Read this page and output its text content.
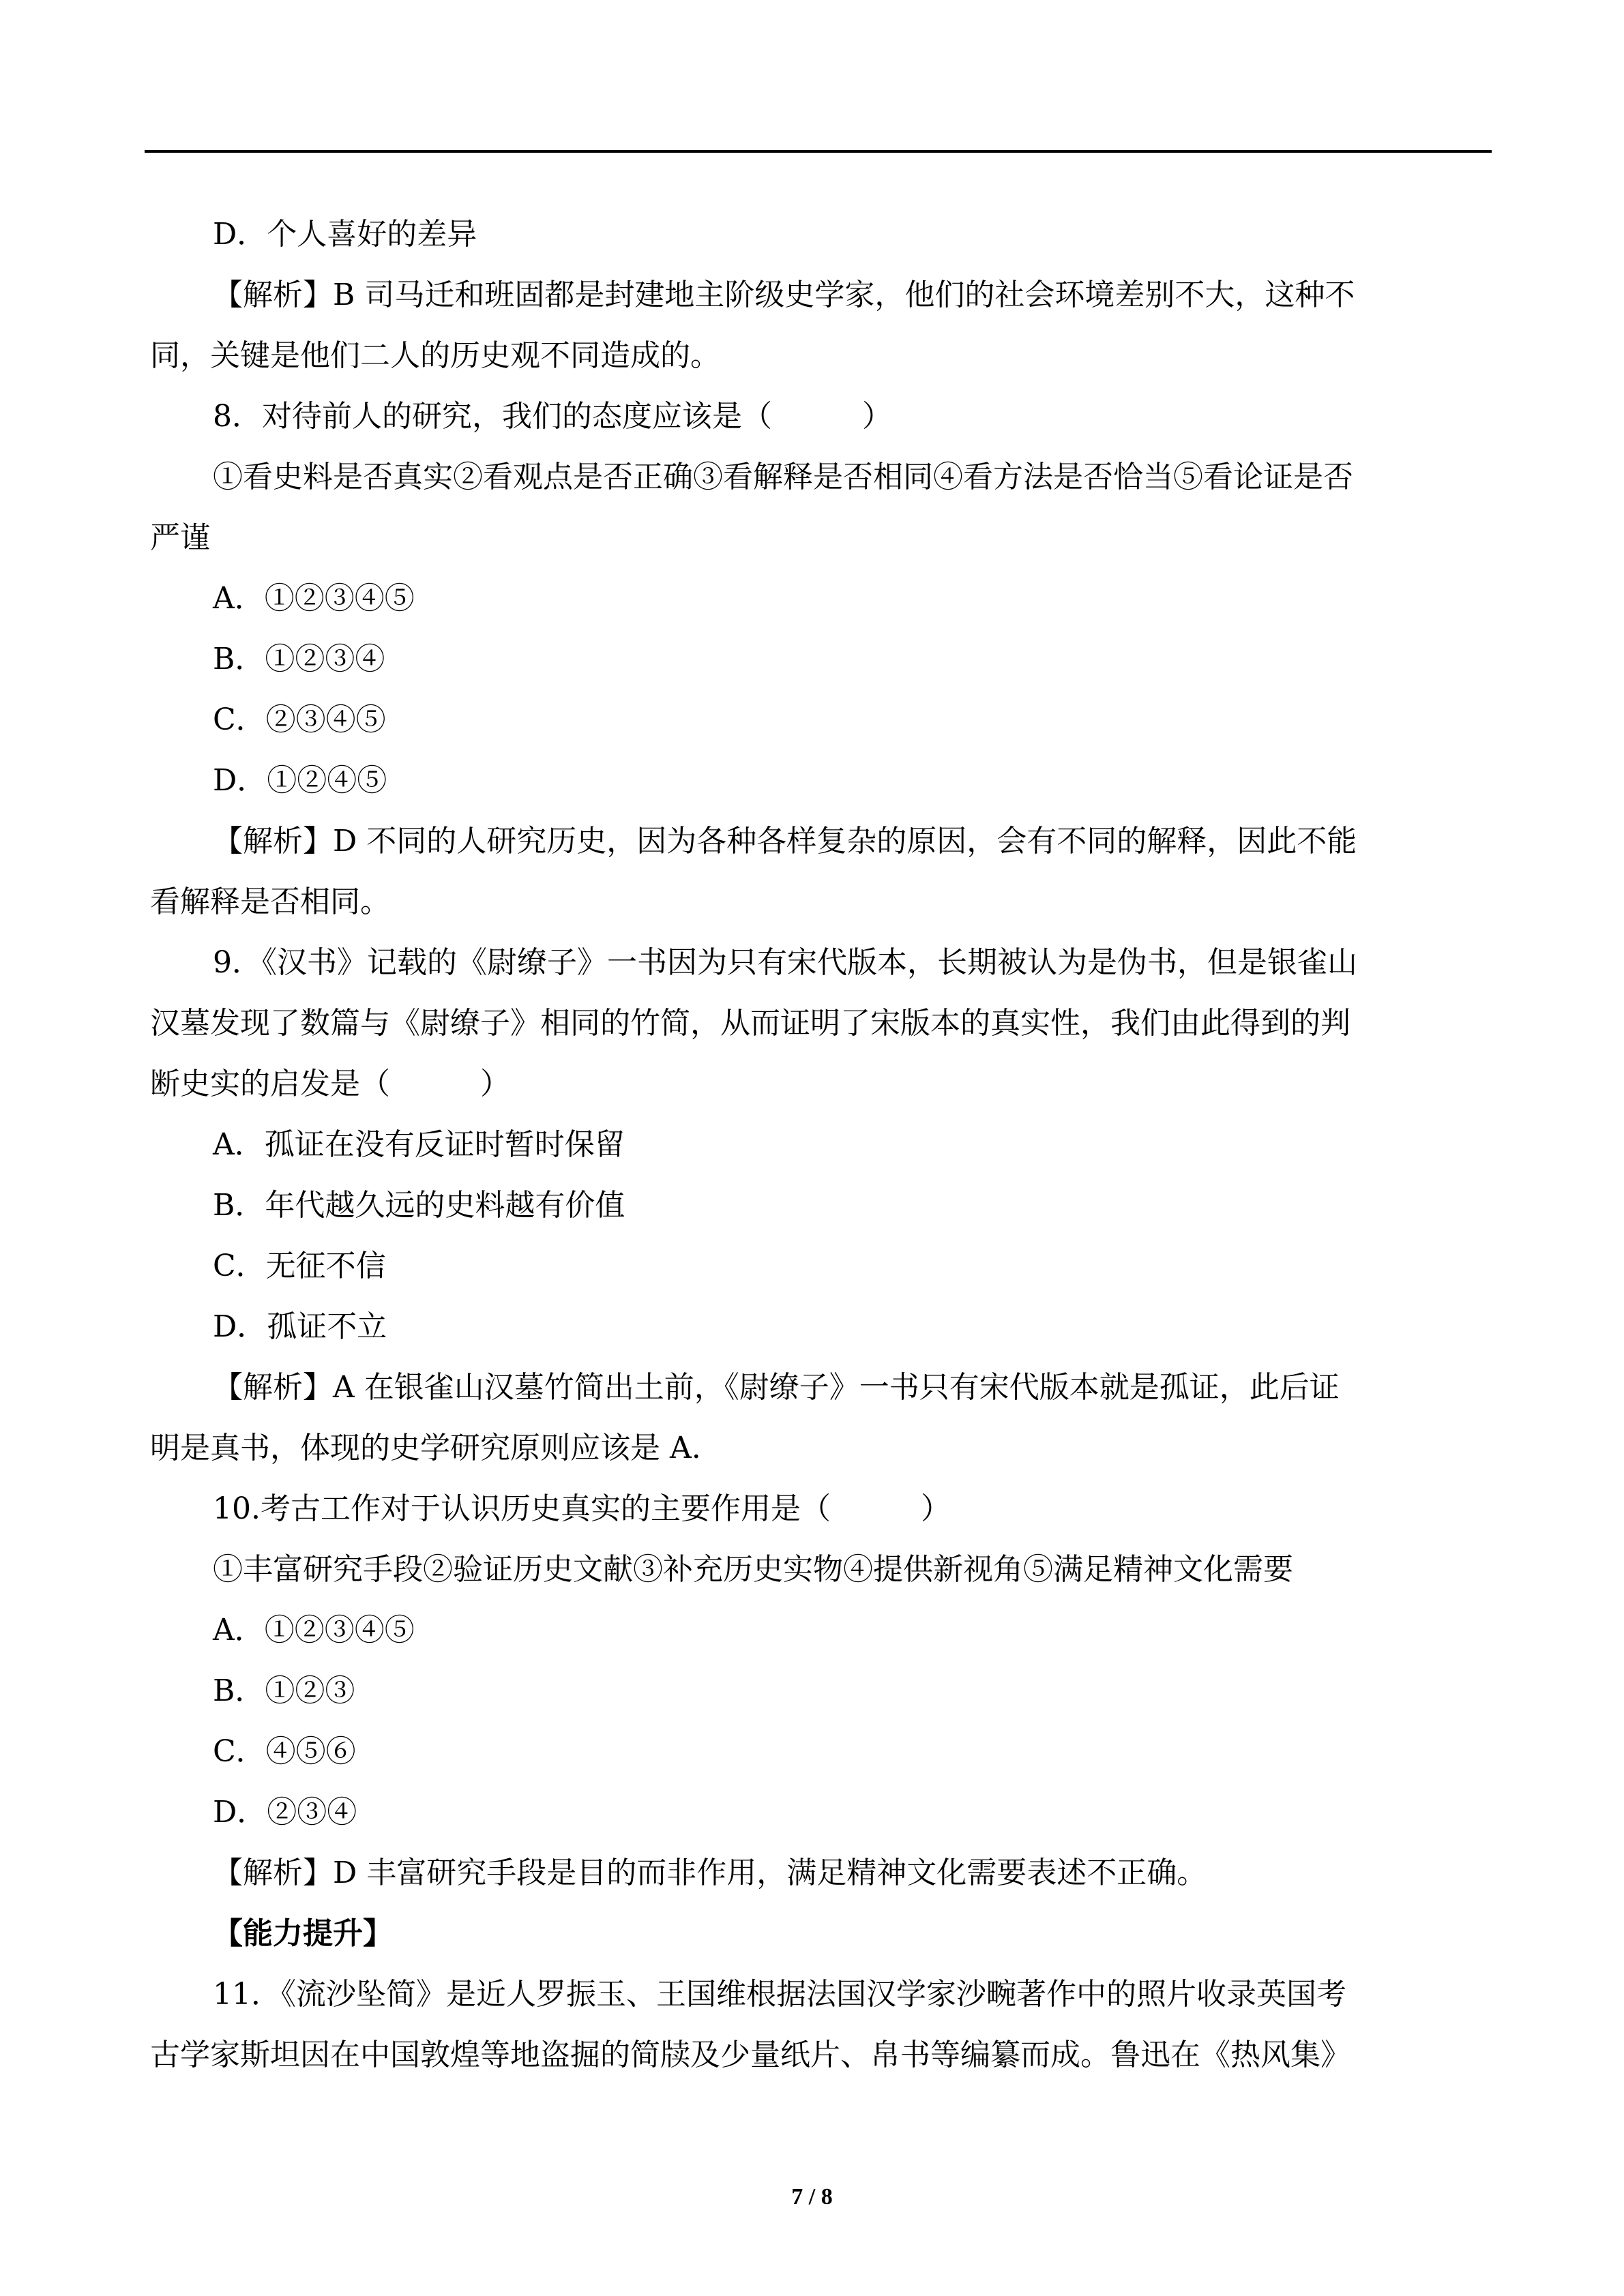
D．个人喜好的差异
【解析】B 司马迁和班固都是封建地主阶级史学家，他们的社会环境差别不大，这种不
同，关键是他们二人的历史观不同造成的。
8．对待前人的研究，我们的态度应该是（　　　）
①看史料是否真实②看观点是否正确③看解释是否相同④看方法是否恰当⑤看论证是否
严谨
A．①②③④⑤
B．①②③④
C．②③④⑤
D．①②④⑤
【解析】D 不同的人研究历史，因为各种各样复杂的原因，会有不同的解释，因此不能
看解释是否相同。
9．《汉书》记载的《尉缭子》一书因为只有宋代版本，长期被认为是伪书，但是银雀山
汉墓发现了数篇与《尉缭子》相同的竹简，从而证明了宋版本的真实性，我们由此得到的判
断史实的启发是（　　　）
A．孤证在没有反证时暂时保留
B．年代越久远的史料越有价值
C．无征不信
D．孤证不立
【解析】A 在银雀山汉墓竹简出土前，《尉缭子》一书只有宋代版本就是孤证，此后证
明是真书，体现的史学研究原则应该是 A.
10.考古工作对于认识历史真实的主要作用是（　　　）
①丰富研究手段②验证历史文献③补充历史实物④提供新视角⑤满足精神文化需要
A．①②③④⑤
B．①②③
C．④⑤⑥
D．②③④
【解析】D 丰富研究手段是目的而非作用，满足精神文化需要表述不正确。
【能力提升】
11．《流沙坠简》是近人罗振玉、王国维根据法国汉学家沙畹著作中的照片收录英国考
古学家斯坦因在中国敦煌等地盗掘的简牍及少量纸片、帛书等编纂而成。鲁迅在《热风集》
7 / 8
